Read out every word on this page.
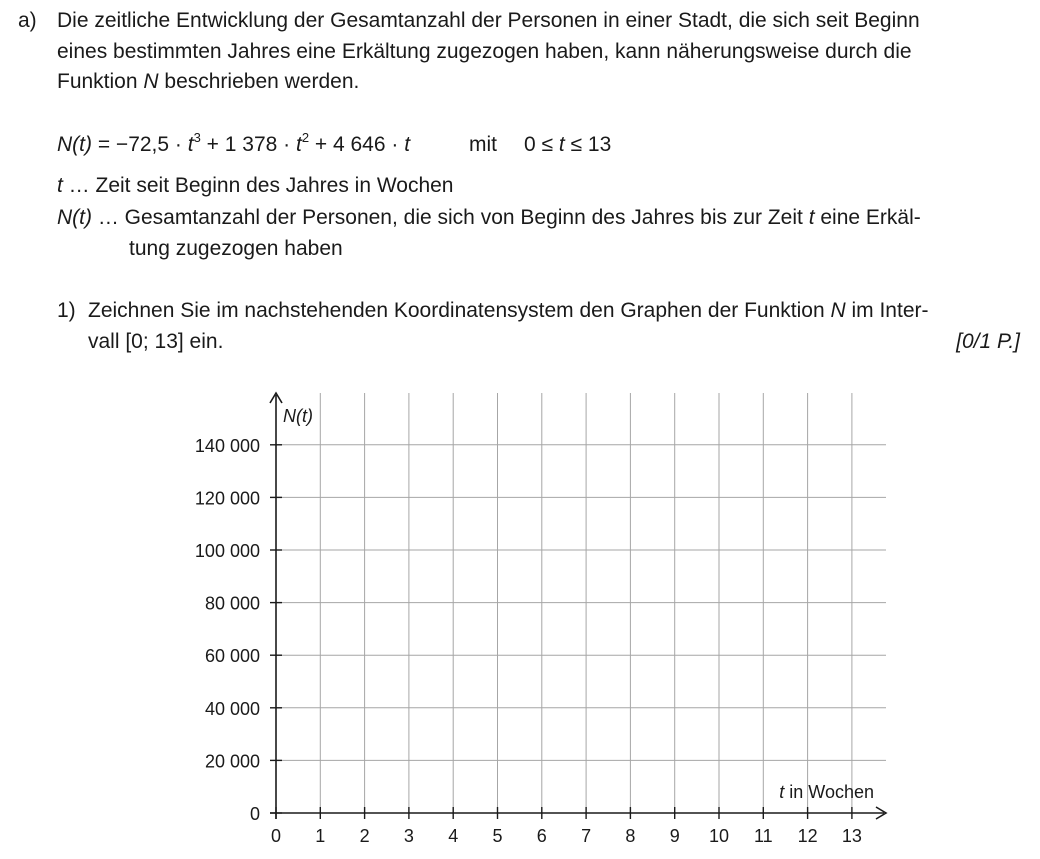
a) Die zeitliche Entwicklung der Gesamtanzahl der Personen in einer Stadt, die sich seit Beginn
eines bestimmten Jahres eine Erkältung zugezogen haben, kann näherungsweise durch die
Funktion N beschrieben werden.
$N(t) = -72,5 \cdot t^3 + 1$ $378 \cdot t^2 + 4$ 646 · t	mit 0 ≤ t ≤ 13
t … Zeit seit Beginn des Jahres in Wochen
N(t) … Gesamtanzahl der Personen, die sich von Beginn des Jahres bis zur Zeit t eine Erkäl-
tung zugezogen haben
1) Zeichnen Sie im nachstehenden Koordinatensystem den Graphen der Funktion N im Inter-
vall [0; 13] ein.	[0/1 P.]
0 1 2 3 4 5 6 7 8 9 10 11 12 13
0
20 000
40 000
60 000
80 000
100 000
120 000
140 000
N(t)
t in Wochen
